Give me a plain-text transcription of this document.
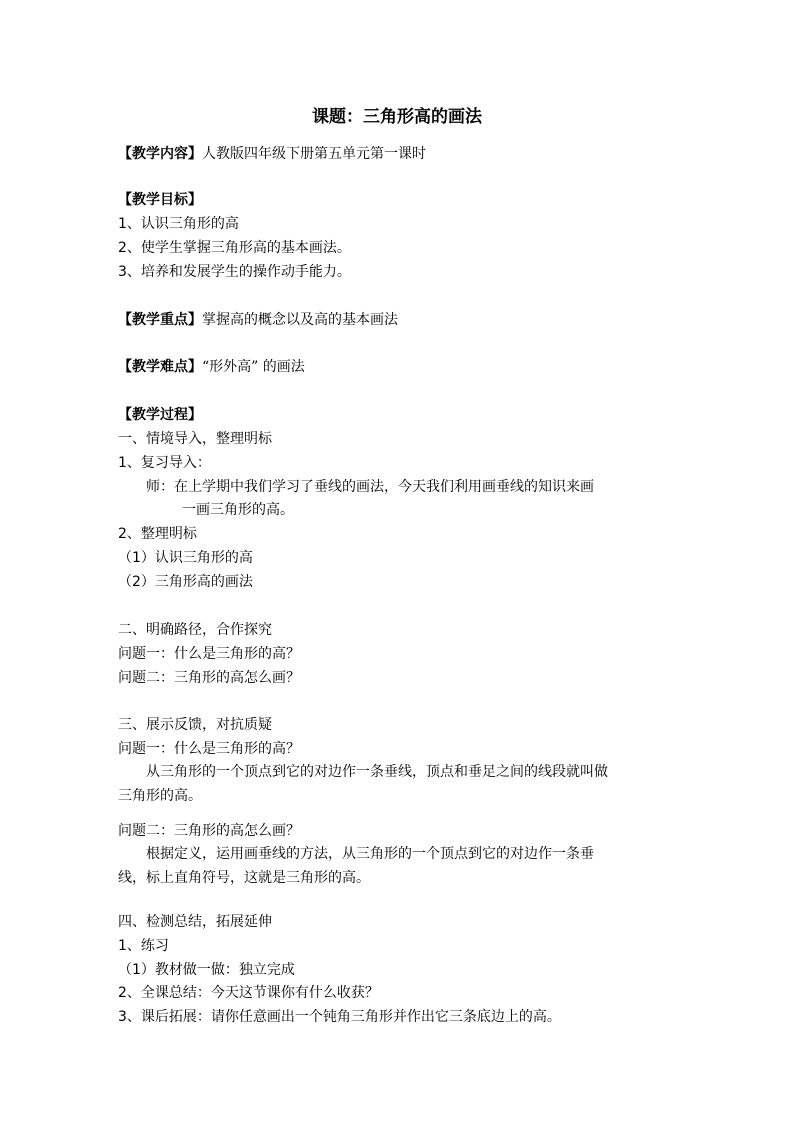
课题：三角形高的画法
【教学内容】人教版四年级下册第五单元第一课时
【教学目标】
1、认识三角形的高
2、使学生掌握三角形高的基本画法。
3、培养和发展学生的操作动手能力。
【教学重点】掌握高的概念以及高的基本画法
【教学难点】“形外高” 的画法
【教学过程】
一、情境导入，整理明标
1、复习导入：
师：在上学期中我们学习了垂线的画法，今天我们利用画垂线的知识来画
一画三角形的高。
2、整理明标
（1）认识三角形的高
（2）三角形高的画法
二、明确路径，合作探究
问题一：什么是三角形的高？
问题二：三角形的高怎么画？
三、展示反馈，对抗质疑
问题一：什么是三角形的高？
从三角形的一个顶点到它的对边作一条垂线，顶点和垂足之间的线段就叫做
三角形的高。
问题二：三角形的高怎么画？
根据定义，运用画垂线的方法，从三角形的一个顶点到它的对边作一条垂
线，标上直角符号，这就是三角形的高。
四、检测总结，拓展延伸
1、练习
（1）教材做一做：独立完成
2、全课总结：今天这节课你有什么收获？
3、课后拓展：请你任意画出一个钝角三角形并作出它三条底边上的高。
